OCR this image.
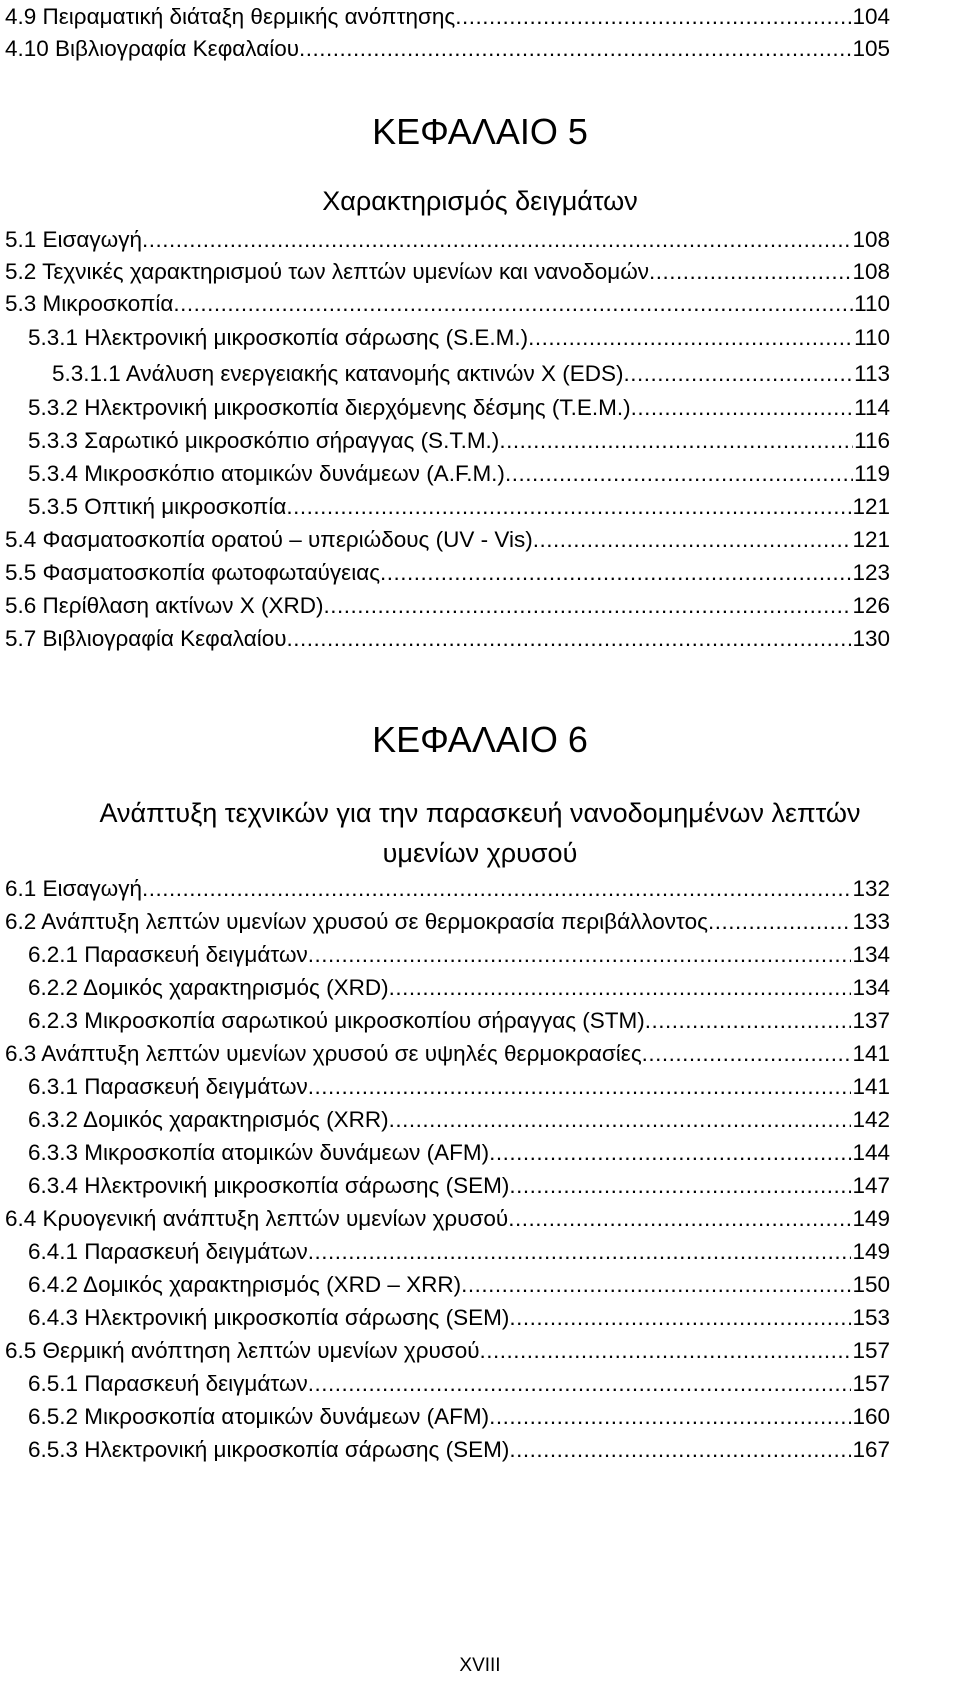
4.9 Πειραματική διάταξη θερμικής ανόπτησης .....	104
4.10 Βιβλιογραφία Κεφαλαίου .....	105
ΚΕΦΑΛΑΙΟ 5
Χαρακτηρισμός δειγμάτων
5.1 Εισαγωγή .....	108
5.2 Τεχνικές χαρακτηρισμού των λεπτών υμενίων και νανοδομών .....	108
5.3 Μικροσκοπία .....	110
5.3.1 Ηλεκτρονική μικροσκοπία σάρωσης (S.E.M.) .....	110
5.3.1.1 Ανάλυση ενεργειακής κατανομής ακτινών X (EDS) .....	113
5.3.2 Ηλεκτρονική μικροσκοπία διερχόμενης δέσμης (T.E.M.) .....	114
5.3.3 Σαρωτικό μικροσκόπιο σήραγγας (S.T.M.) .....	116
5.3.4 Μικροσκόπιο ατομικών δυνάμεων (A.F.M.) .....	119
5.3.5 Οπτική μικροσκοπία .....	121
5.4 Φασματοσκοπία ορατού – υπεριώδους (UV - Vis) .....	121
5.5 Φασματοσκοπία φωτοφωταύγειας .....	123
5.6 Περίθλαση ακτίνων X (XRD) .....	126
5.7 Βιβλιογραφία Κεφαλαίου .....	130
ΚΕΦΑΛΑΙΟ 6
Ανάπτυξη τεχνικών για την παρασκευή νανοδομημένων λεπτών
υμενίων χρυσού
6.1 Εισαγωγή .....	132
6.2 Ανάπτυξη λεπτών υμενίων χρυσού σε θερμοκρασία περιβάλλοντος .....	133
6.2.1 Παρασκευή δειγμάτων .....	134
6.2.2 Δομικός χαρακτηρισμός (XRD) .....	134
6.2.3 Μικροσκοπία σαρωτικού μικροσκοπίου σήραγγας (STM) .....	137
6.3 Ανάπτυξη λεπτών υμενίων χρυσού σε υψηλές θερμοκρασίες .....	141
6.3.1 Παρασκευή δειγμάτων .....	141
6.3.2 Δομικός χαρακτηρισμός (XRR) .....	142
6.3.3 Μικροσκοπία ατομικών δυνάμεων (AFM) .....	144
6.3.4 Ηλεκτρονική μικροσκοπία σάρωσης (SEM) .....	147
6.4 Κρυογενική ανάπτυξη λεπτών υμενίων χρυσού .....	149
6.4.1 Παρασκευή δειγμάτων .....	149
6.4.2 Δομικός χαρακτηρισμός (XRD – XRR) .....	150
6.4.3 Ηλεκτρονική μικροσκοπία σάρωσης (SEM) .....	153
6.5 Θερμική ανόπτηση λεπτών υμενίων χρυσού .....	157
6.5.1 Παρασκευή δειγμάτων .....	157
6.5.2 Μικροσκοπία ατομικών δυνάμεων (AFM) .....	160
6.5.3 Ηλεκτρονική μικροσκοπία σάρωσης (SEM) .....	167
XVIII
